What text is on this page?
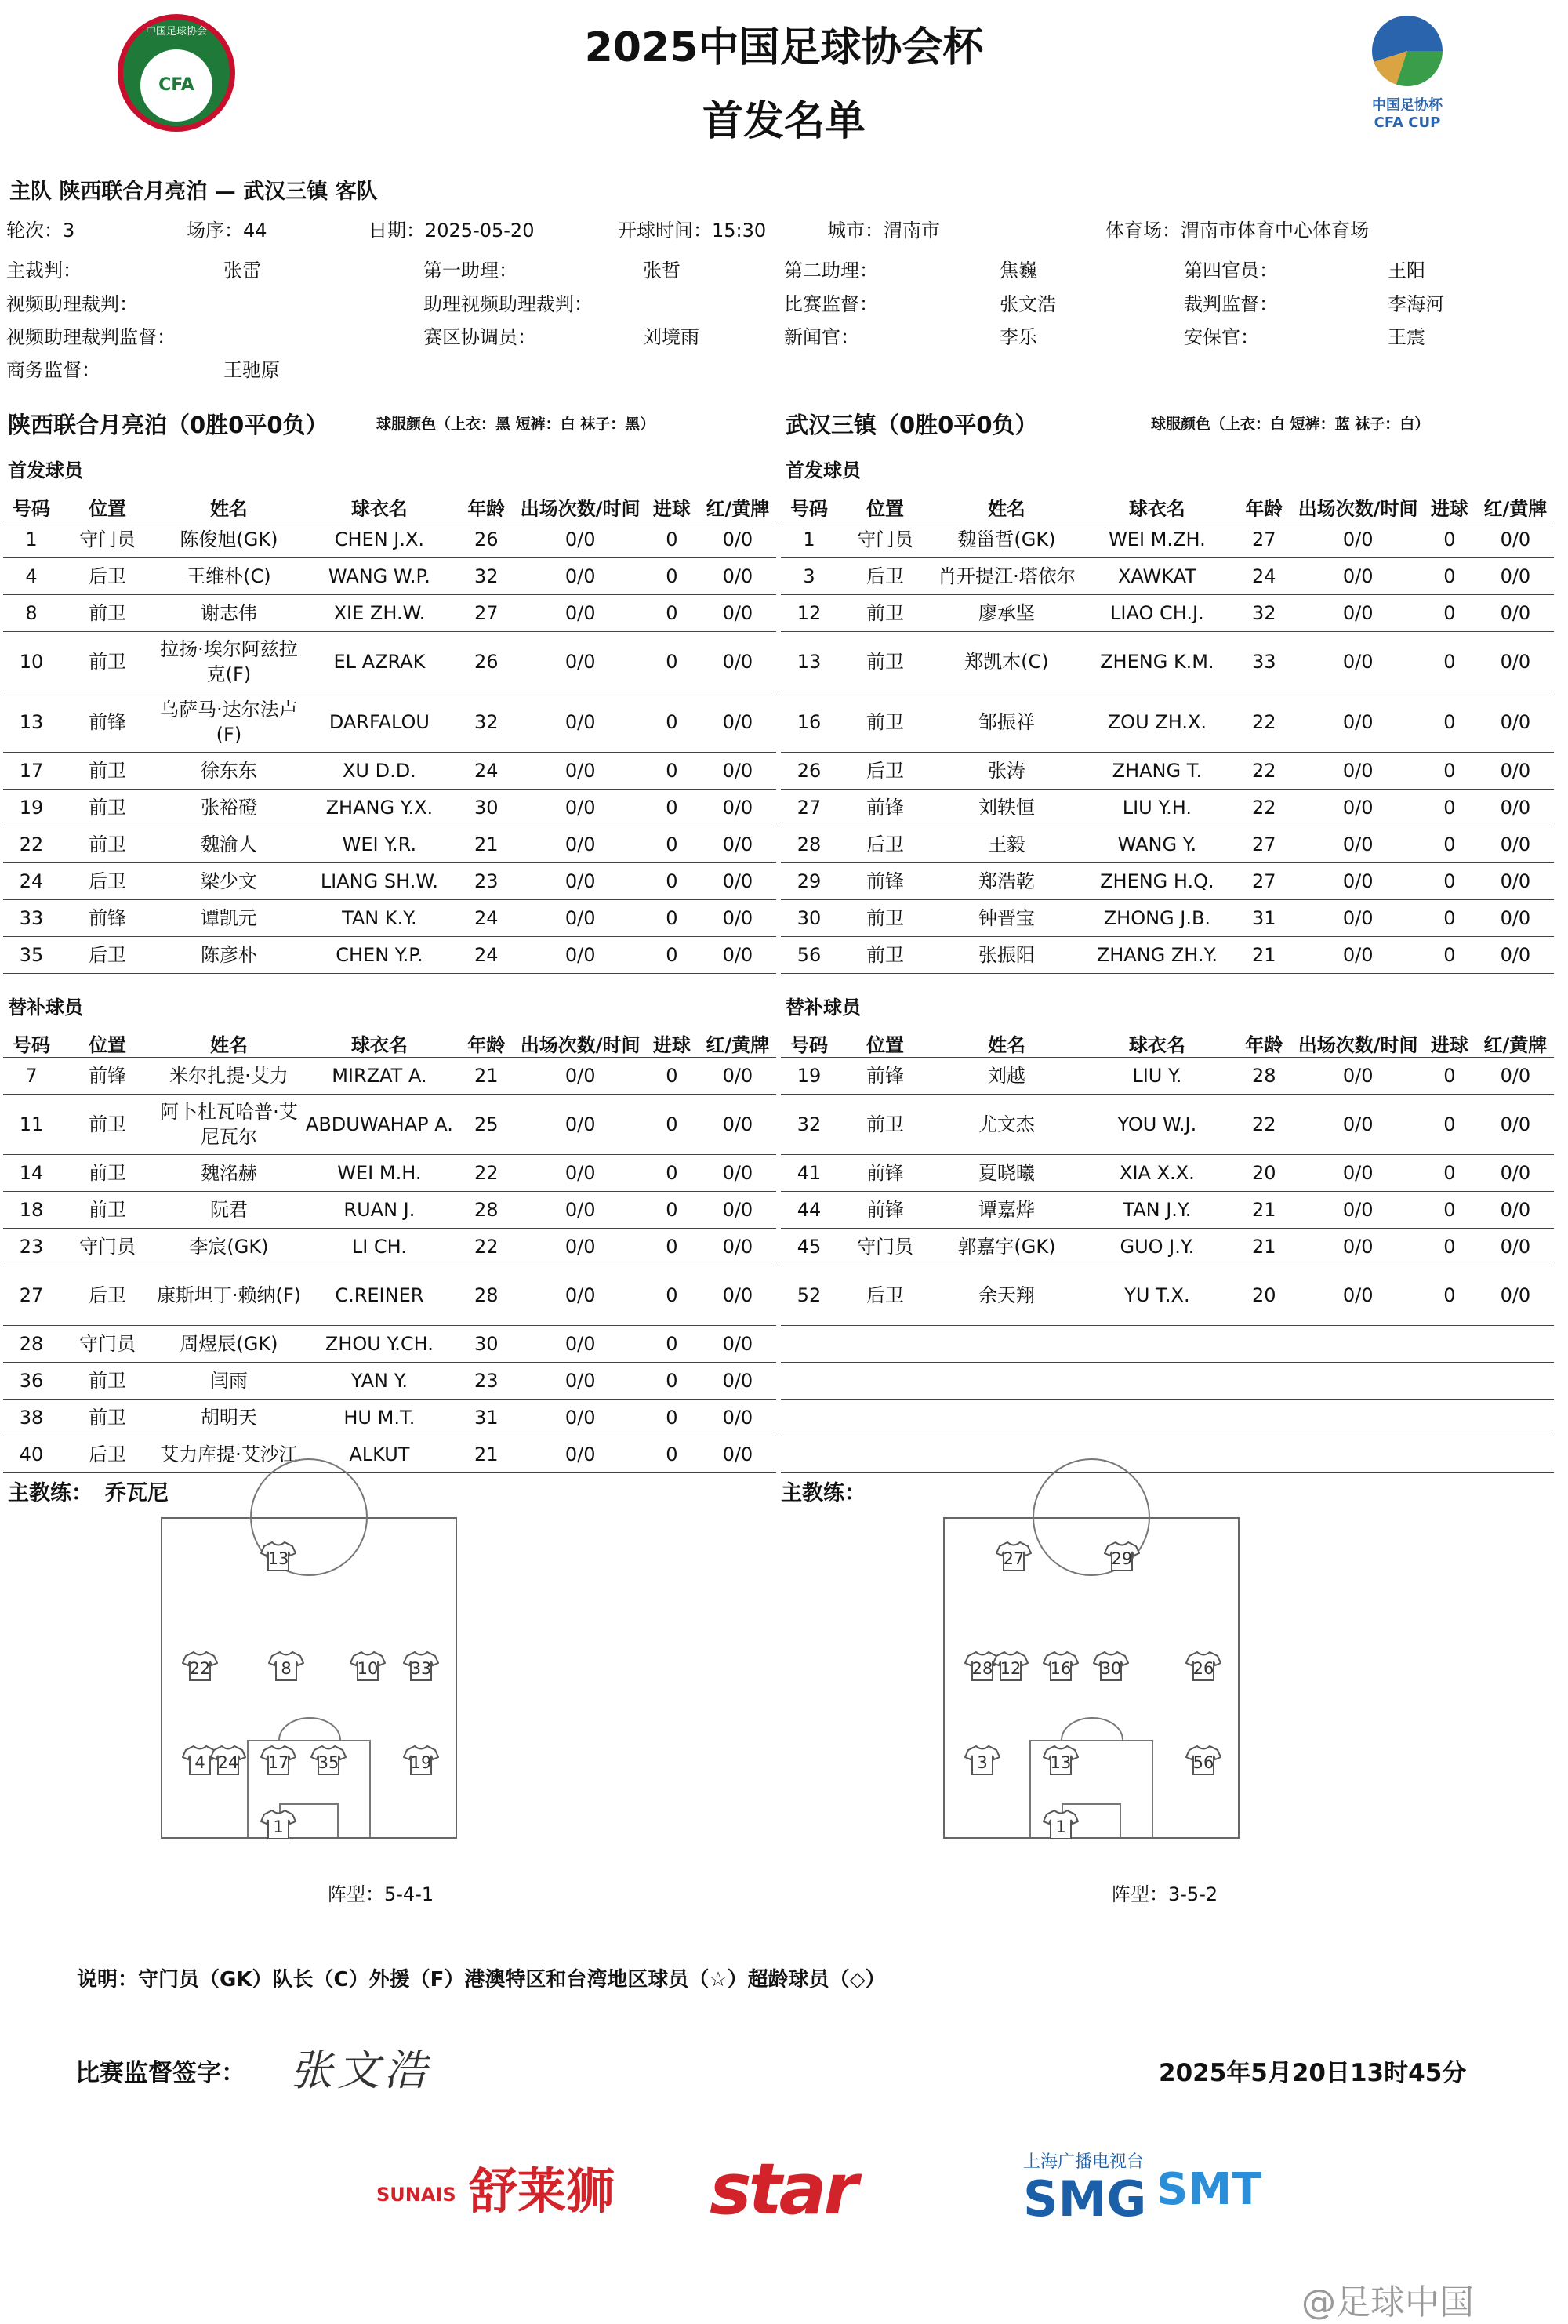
2025中国足球协会杯
首发名单
中国足球协会
CFA
中国足协杯
CFA CUP
主队 陕西联合月亮泊 — 武汉三镇 客队
轮次：3	场序：44	日期：2025-05-20	开球时间：15:30	城市：渭南市	体育场：渭南市体育中心体育场
主裁判：	张雷	第一助理：	张哲	第二助理：	焦巍	第四官员：	王阳
视频助理裁判：	助理视频助理裁判：	比赛监督：	张文浩	裁判监督：	李海河
视频助理裁判监督：	赛区协调员：	刘境雨	新闻官：	李乐	安保官：	王震
商务监督：	王驰原
陕西联合月亮泊（0胜0平0负）	球服颜色（上衣：黑 短裤：白 袜子：黑）	武汉三镇（0胜0平0负）	球服颜色（上衣：白 短裤：蓝 袜子：白）
首发球员	首发球员
替补球员	替补球员
号码	位置	姓名	球衣名	年龄	出场次数/时间	进球	红/黄牌
1	守门员	陈俊旭(GK)	CHEN J.X.	26	0/0	0	0/0
4	后卫	王维朴(C)	WANG W.P.	32	0/0	0	0/0
8	前卫	谢志伟	XIE ZH.W.	27	0/0	0	0/0
10	前卫	拉扬·埃尔阿兹拉克(F)	EL AZRAK	26	0/0	0	0/0
13	前锋	乌萨马·达尔法卢(F)	DARFALOU	32	0/0	0	0/0
17	前卫	徐东东	XU D.D.	24	0/0	0	0/0
19	前卫	张裕磴	ZHANG Y.X.	30	0/0	0	0/0
22	前卫	魏渝人	WEI Y.R.	21	0/0	0	0/0
24	后卫	梁少文	LIANG SH.W.	23	0/0	0	0/0
33	前锋	谭凯元	TAN K.Y.	24	0/0	0	0/0
35	后卫	陈彦朴	CHEN Y.P.	24	0/0	0	0/0
号码	位置	姓名	球衣名	年龄	出场次数/时间	进球	红/黄牌
1	守门员	魏甾哲(GK)	WEI M.ZH.	27	0/0	0	0/0
3	后卫	肖开提江·塔依尔	XAWKAT	24	0/0	0	0/0
12	前卫	廖承坚	LIAO CH.J.	32	0/0	0	0/0
13	前卫	郑凯木(C)	ZHENG K.M.	33	0/0	0	0/0
16	前卫	邹振祥	ZOU ZH.X.	22	0/0	0	0/0
26	后卫	张涛	ZHANG T.	22	0/0	0	0/0
27	前锋	刘轶恒	LIU Y.H.	22	0/0	0	0/0
28	后卫	王毅	WANG Y.	27	0/0	0	0/0
29	前锋	郑浩乾	ZHENG H.Q.	27	0/0	0	0/0
30	前卫	钟晋宝	ZHONG J.B.	31	0/0	0	0/0
56	前卫	张振阳	ZHANG ZH.Y.	21	0/0	0	0/0
号码	位置	姓名	球衣名	年龄	出场次数/时间	进球	红/黄牌
7	前锋	米尔扎提·艾力	MIRZAT A.	21	0/0	0	0/0
11	前卫	阿卜杜瓦哈普·艾尼瓦尔	ABDUWAHAP A.	25	0/0	0	0/0
14	前卫	魏洺赫	WEI M.H.	22	0/0	0	0/0
18	前卫	阮君	RUAN J.	28	0/0	0	0/0
23	守门员	李宸(GK)	LI CH.	22	0/0	0	0/0
27	后卫	康斯坦丁·赖纳(F)	C.REINER	28	0/0	0	0/0
28	守门员	周煜辰(GK)	ZHOU Y.CH.	30	0/0	0	0/0
36	前卫	闫雨	YAN Y.	23	0/0	0	0/0
38	前卫	胡明天	HU M.T.	31	0/0	0	0/0
40	后卫	艾力库提·艾沙江	ALKUT	21	0/0	0	0/0
号码	位置	姓名	球衣名	年龄	出场次数/时间	进球	红/黄牌
19	前锋	刘越	LIU Y.	28	0/0	0	0/0
32	前卫	尤文杰	YOU W.J.	22	0/0	0	0/0
41	前锋	夏晓曦	XIA X.X.	20	0/0	0	0/0
44	前锋	谭嘉烨	TAN J.Y.	21	0/0	0	0/0
45	守门员	郭嘉宇(GK)	GUO J.Y.	21	0/0	0	0/0
52	后卫	余天翔	YU T.X.	20	0/0	0	0/0

主教练： 乔瓦尼	主教练：
13
22	8	10	33
4 24	17	35	19
1
27	29
28 12	16	30	26
3	13	56
1
阵型：5-4-1	阵型：3-5-2
说明：守门员（GK）队长（C）外援（F）港澳特区和台湾地区球员（☆）超龄球员（◇）
比赛监督签字： 张文浩	2025年5月20日13时45分
舒莱狮
SUNAIS	star	上海广播电视台
SMG SMT
@足球中国
